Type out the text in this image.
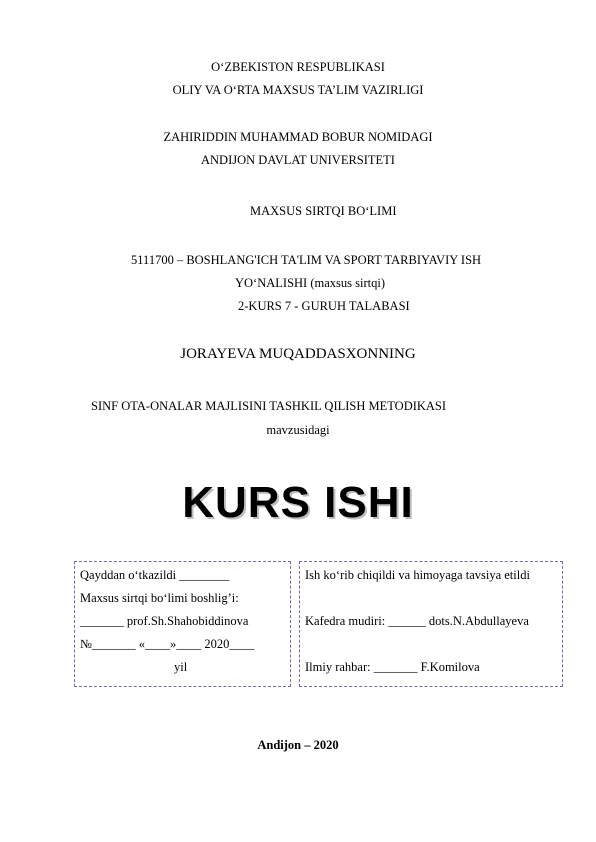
O‘ZBEKISTON RESPUBLIKASI
OLIY VA O‘RTA MAXSUS TA’LIM VAZIRLIGI
ZAHIRIDDIN MUHAMMAD BOBUR NOMIDAGI
ANDIJON DAVLAT UNIVERSITETI
MAXSUS SIRTQI BO‘LIMI
5111700 – BOSHLANG'ICH TA'LIM VA SPORT TARBIYAVIY ISH
YO‘NALISHI (maxsus sirtqi)
2-KURS 7 - GURUH TALABASI
JORAYEVA MUQADDASXONNING
SINF OTA-ONALAR MAJLISINI TASHKIL QILISH METODIKASI
mavzusidagi
KURS ISHI
Qayddan o‘tkazildi ________
Maxsus sirtqi bo‘limi boshlig’i:
_______ prof.Sh.Shahobiddinova
№_______ «____»____ 2020____
yil
Ish ko‘rib chiqildi va himoyaga tavsiya etildi
Kafedra mudiri: ______ dots.N.Abdullayeva
Ilmiy rahbar: _______ F.Komilova
Andijon – 2020
